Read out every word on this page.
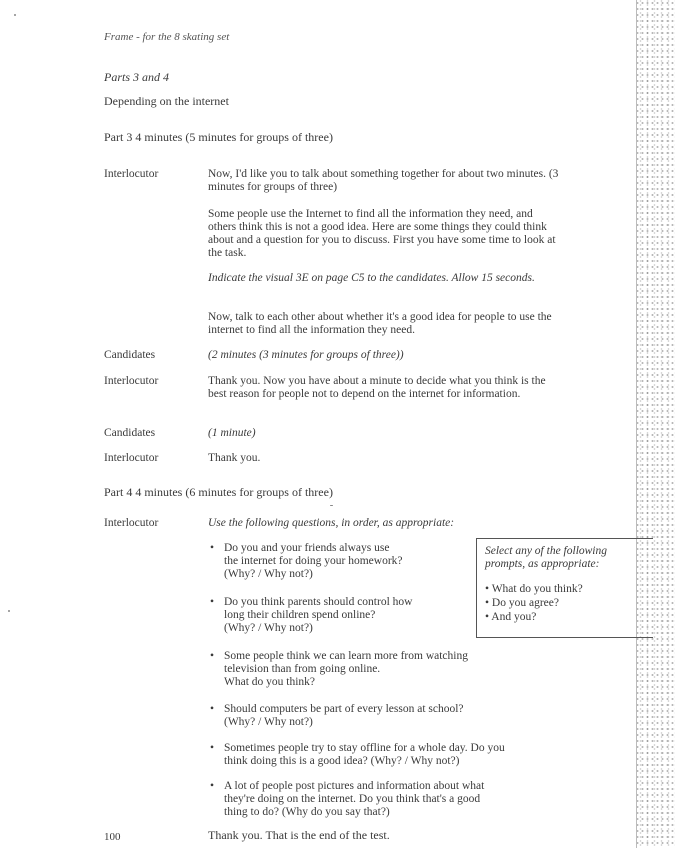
Frame - for the 8 skating set
Parts 3 and 4
Depending on the internet
Part 3 4 minutes (5 minutes for groups of three)
Interlocutor	Now, I'd like you to talk about something together for about two minutes. (3 minutes for groups of three)
Some people use the Internet to find all the information they need, and others think this is not a good idea. Here are some things they could think about and a question for you to discuss. First you have some time to look at the task.
Indicate the visual 3E on page C5 to the candidates. Allow 15 seconds.
Now, talk to each other about whether it's a good idea for people to use the internet to find all the information they need.
Candidates	(2 minutes (3 minutes for groups of three))
Interlocutor	Thank you. Now you have about a minute to decide what you think is the best reason for people not to depend on the internet for information.
Candidates	(1 minute)
Interlocutor	Thank you.
Part 4 4 minutes (6 minutes for groups of three)
Interlocutor	Use the following questions, in order, as appropriate:
• Do you and your friends always use
the internet for doing your homework?
(Why? / Why not?)
• Do you think parents should control how
long their children spend online?
(Why? / Why not?)
• Some people think we can learn more from watching
television than from going online.
What do you think?
• Should computers be part of every lesson at school?
(Why? / Why not?)
• Sometimes people try to stay offline for a whole day. Do you
think doing this is a good idea? (Why? / Why not?)
• A lot of people post pictures and information about what
they're doing on the internet. Do you think that's a good
thing to do? (Why do you say that?)
Select any of the following
prompts, as appropriate:
• What do you think?
• Do you agree?
• And you?
100	Thank you. That is the end of the test.
